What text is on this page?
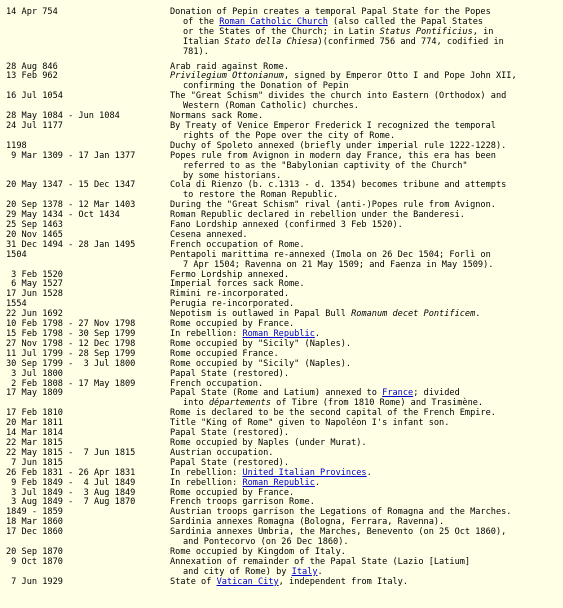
14 Apr 754	Donation of Pepin creates a temporal Papal State for the Popes
of the Roman Catholic Church (also called the Papal States
or the States of the Church; in Latin Status Pontificius, in
Italian Stato della Chiesa)(confirmed 756 and 774, codified in
781).
28 Aug 846	Arab raid against Rome.
13 Feb 962	Privilegium Ottonianum, signed by Emperor Otto I and Pope John XII,
confirming the Donation of Pepin
16 Jul 1054	The "Great Schism" divides the church into Eastern (Orthodox) and
Western (Roman Catholic) churches.
28 May 1084 - Jun 1084	Normans sack Rome.
24 Jul 1177	By Treaty of Venice Emperor Frederick I recognized the temporal
rights of the Pope over the city of Rome.
1198	Duchy of Spoleto annexed (briefly under imperial rule 1222-1228).
9 Mar 1309 - 17 Jan 1377	Popes rule from Avignon in modern day France, this era has been
referred to as the "Babylonian captivity of the Church"
by some historians.
20 May 1347 - 15 Dec 1347	Cola di Rienzo (b. c.1313 - d. 1354) becomes tribune and attempts
to restore the Roman Republic.
20 Sep 1378 - 12 Mar 1403	During the "Great Schism" rival (anti-)Popes rule from Avignon.
29 May 1434 - Oct 1434	Roman Republic declared in rebellion under the Banderesi.
25 Sep 1463	Fano Lordship annexed (confirmed 3 Feb 1520).
20 Nov 1465	Cesena annexed.
31 Dec 1494 - 28 Jan 1495	French occupation of Rome.
1504	Pentapoli marittima re-annexed (Imola on 26 Dec 1504; Forlì on
7 Apr 1504; Ravenna on 21 May 1509; and Faenza in May 1509).
3 Feb 1520	Fermo Lordship annexed.
6 May 1527	Imperial forces sack Rome.
17 Jun 1528	Rimini re-incorporated.
1554	Perugia re-incorporated.
22 Jun 1692	Nepotism is outlawed in Papal Bull Romanum decet Pontificem.
10 Feb 1798 - 27 Nov 1798	Rome occupied by France.
15 Feb 1798 - 30 Sep 1799	In rebellion: Roman Republic.
27 Nov 1798 - 12 Dec 1798	Rome occupied by "Sicily" (Naples).
11 Jul 1799 - 28 Sep 1799	Rome occupied France.
30 Sep 1799 -  3 Jul 1800	Rome occupied by "Sicily" (Naples).
3 Jul 1800	Papal State (restored).
2 Feb 1808 - 17 May 1809	French occupation.
17 May 1809	Papal State (Rome and Latium) annexed to France; divided
into départements of Tibre (from 1810 Rome) and Trasimène.
17 Feb 1810	Rome is declared to be the second capital of the French Empire.
20 Mar 1811	Title "King of Rome" given to Napoléon I's infant son.
14 Mar 1814	Papal State (restored).
22 Mar 1815	Rome occupied by Naples (under Murat).
22 May 1815 -  7 Jun 1815	Austrian occupation.
7 Jun 1815	Papal State (restored).
26 Feb 1831 - 26 Apr 1831	In rebellion: United Italian Provinces.
9 Feb 1849 -  4 Jul 1849	In rebellion: Roman Republic.
3 Jul 1849 -  3 Aug 1849	Rome occupied by France.
3 Aug 1849 -  7 Aug 1870	French troops garrison Rome.
1849 - 1859	Austrian troops garrison the Legations of Romagna and the Marches.
18 Mar 1860	Sardinia annexes Romagna (Bologna, Ferrara, Ravenna).
17 Dec 1860	Sardinia annexes Umbria, the Marches, Benevento (on 25 Oct 1860),
and Pontecorvo (on 26 Dec 1860).
20 Sep 1870	Rome occupied by Kingdom of Italy.
9 Oct 1870	Annexation of remainder of the Papal State (Lazio [Latium]
and city of Rome) by Italy.
7 Jun 1929	State of Vatican City, independent from Italy.
